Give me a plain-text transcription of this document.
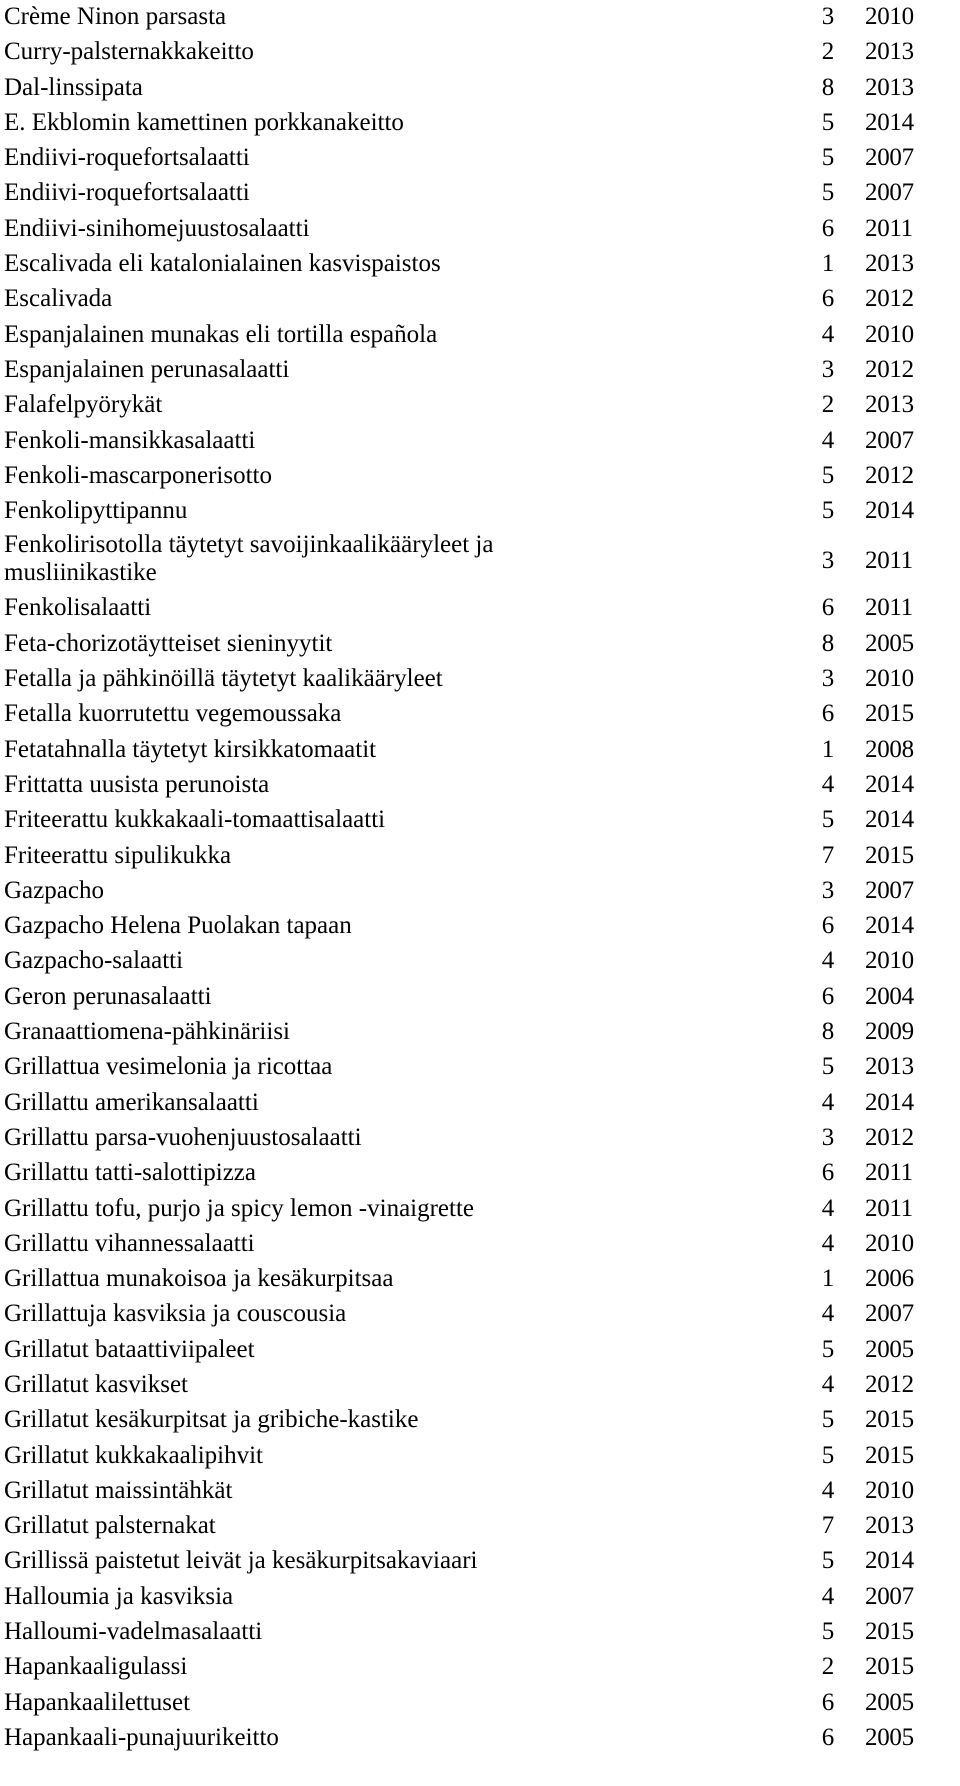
Crème Ninon parsasta	3 2010
Curry-palsternakkakeitto	2 2013
Dal-linssipata	8 2013
E. Ekblomin kamettinen porkkanakeitto	5 2014
Endiivi-roquefortsalaatti	5 2007
Endiivi-roquefortsalaatti	5 2007
Endiivi-sinihomejuustosalaatti	6 2011
Escalivada eli katalonialainen kasvispaistos	1 2013
Escalivada	6 2012
Espanjalainen munakas eli tortilla española	4 2010
Espanjalainen perunasalaatti	3 2012
Falafelpyörykät	2 2013
Fenkoli-mansikkasalaatti	4 2007
Fenkoli-mascarponerisotto	5 2012
Fenkolipyttipannu	5 2014
Fenkolirisotolla täytetyt savoijinkaalikääryleet ja musliinikastike	3 2011
Fenkolisalaatti	6 2011
Feta-chorizotäytteiset sieninyytit	8 2005
Fetalla ja pähkinöillä täytetyt kaalikääryleet	3 2010
Fetalla kuorrutettu vegemoussaka	6 2015
Fetatahnalla täytetyt kirsikkatomaatit	1 2008
Frittatta uusista perunoista	4 2014
Friteerattu kukkakaali-tomaattisalaatti	5 2014
Friteerattu sipulikukka	7 2015
Gazpacho	3 2007
Gazpacho Helena Puolakan tapaan	6 2014
Gazpacho-salaatti	4 2010
Geron perunasalaatti	6 2004
Granaattiomena-pähkinäriisi	8 2009
Grillattua vesimelonia ja ricottaa	5 2013
Grillattu amerikansalaatti	4 2014
Grillattu parsa-vuohenjuustosalaatti	3 2012
Grillattu tatti-salottipizza	6 2011
Grillattu tofu, purjo ja spicy lemon -vinaigrette	4 2011
Grillattu vihannessalaatti	4 2010
Grillattua munakoisoa ja kesäkurpitsaa	1 2006
Grillattuja kasviksia ja couscousia	4 2007
Grillatut bataattiviipaleet	5 2005
Grillatut kasvikset	4 2012
Grillatut kesäkurpitsat ja gribiche-kastike	5 2015
Grillatut kukkakaalipihvit	5 2015
Grillatut maissintähkät	4 2010
Grillatut palsternakat	7 2013
Grillissä paistetut leivät ja kesäkurpitsakaviaari	5 2014
Halloumia ja kasviksia	4 2007
Halloumi-vadelmasalaatti	5 2015
Hapankaaligulassi	2 2015
Hapankaalilettuset	6 2005
Hapankaali-punajuurikeitto	6 2005
